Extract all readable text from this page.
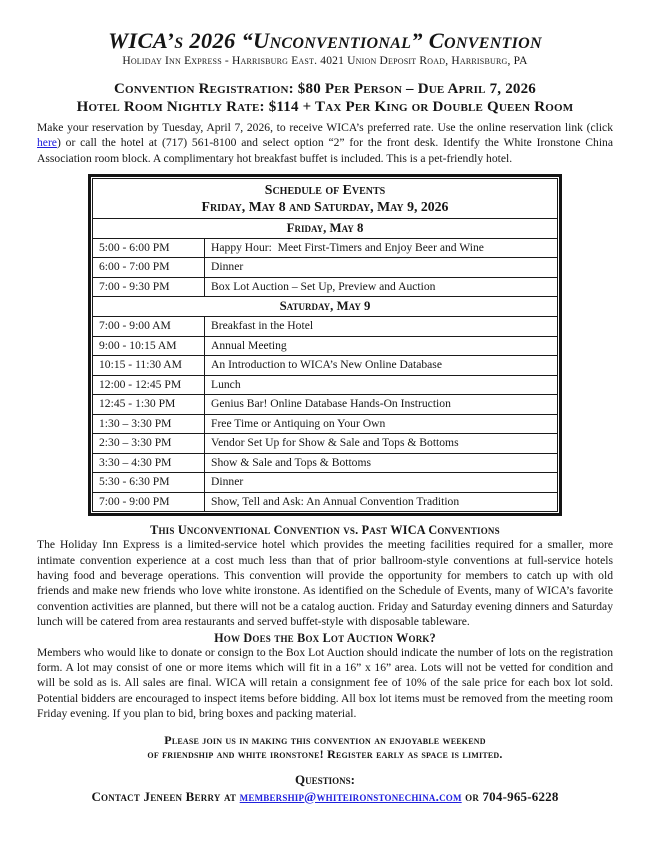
WICA’s 2026 “Unconventional” Convention
Holiday Inn Express - Harrisburg East. 4021 Union Deposit Road, Harrisburg, PA
Convention Registration: $80 Per Person – Due April 7, 2026
Hotel Room Nightly Rate: $114 + Tax Per King or Double Queen Room

Make your reservation by Tuesday, April 7, 2026, to receive WICA’s preferred rate. Use the online reservation link (click here) or call the hotel at (717) 561-8100 and select option “2” for the front desk. Identify the White Ironstone China Association room block. A complimentary hot breakfast buffet is included. This is a pet-friendly hotel.

Schedule of Events
Friday, May 8 and Saturday, May 9, 2026	

Friday, May 8	
5:00 - 6:00 PM	Happy Hour:  Meet First-Timers and Enjoy Beer and Wine
6:00 - 7:00 PM	Dinner
7:00 - 9:30 PM	Box Lot Auction – Set Up, Preview and Auction
Saturday, May 9	
7:00 - 9:00 AM	Breakfast in the Hotel
9:00 - 10:15 AM	Annual Meeting
10:15 - 11:30 AM	An Introduction to WICA’s New Online Database
12:00 - 12:45 PM	Lunch
12:45 - 1:30 PM	Genius Bar! Online Database Hands-On Instruction
1:30 – 3:30 PM	Free Time or Antiquing on Your Own
2:30 – 3:30 PM	Vendor Set Up for Show & Sale and Tops & Bottoms
3:30 – 4:30 PM	Show & Sale and Tops & Bottoms
5:30 - 6:30 PM	Dinner
7:00 - 9:00 PM	Show, Tell and Ask: An Annual Convention Tradition
This Unconventional Convention vs. Past WICA Conventions

The Holiday Inn Express is a limited-service hotel which provides the meeting facilities required for a smaller, more intimate convention experience at a cost much less than that of prior ballroom-style conventions at full-service hotels having food and beverage operations. This convention will provide the opportunity for members to catch up with old friends and make new friends who love white ironstone. As identified on the Schedule of Events, many of WICA’s favorite convention activities are planned, but there will not be a catalog auction. Friday and Saturday evening dinners and Saturday lunch will be catered from area restaurants and served buffet-style with disposable tableware.

How Does the Box Lot Auction Work?

Members who would like to donate or consign to the Box Lot Auction should indicate the number of lots on the registration form. A lot may consist of one or more items which will fit in a 16” x 16” area. Lots will not be vetted for condition and will be sold as is. All sales are final. WICA will retain a consignment fee of 10% of the sale price for each box lot sold. Potential bidders are encouraged to inspect items before bidding. All box lot items must be removed from the meeting room Friday evening. If you plan to bid, bring boxes and packing material.

Please join us in making this convention an enjoyable weekend
of friendship and white ironstone! Register early as space is limited.
Questions:
Contact Jeneen Berry at membership@whiteironstonechina.com or 704-965-6228
